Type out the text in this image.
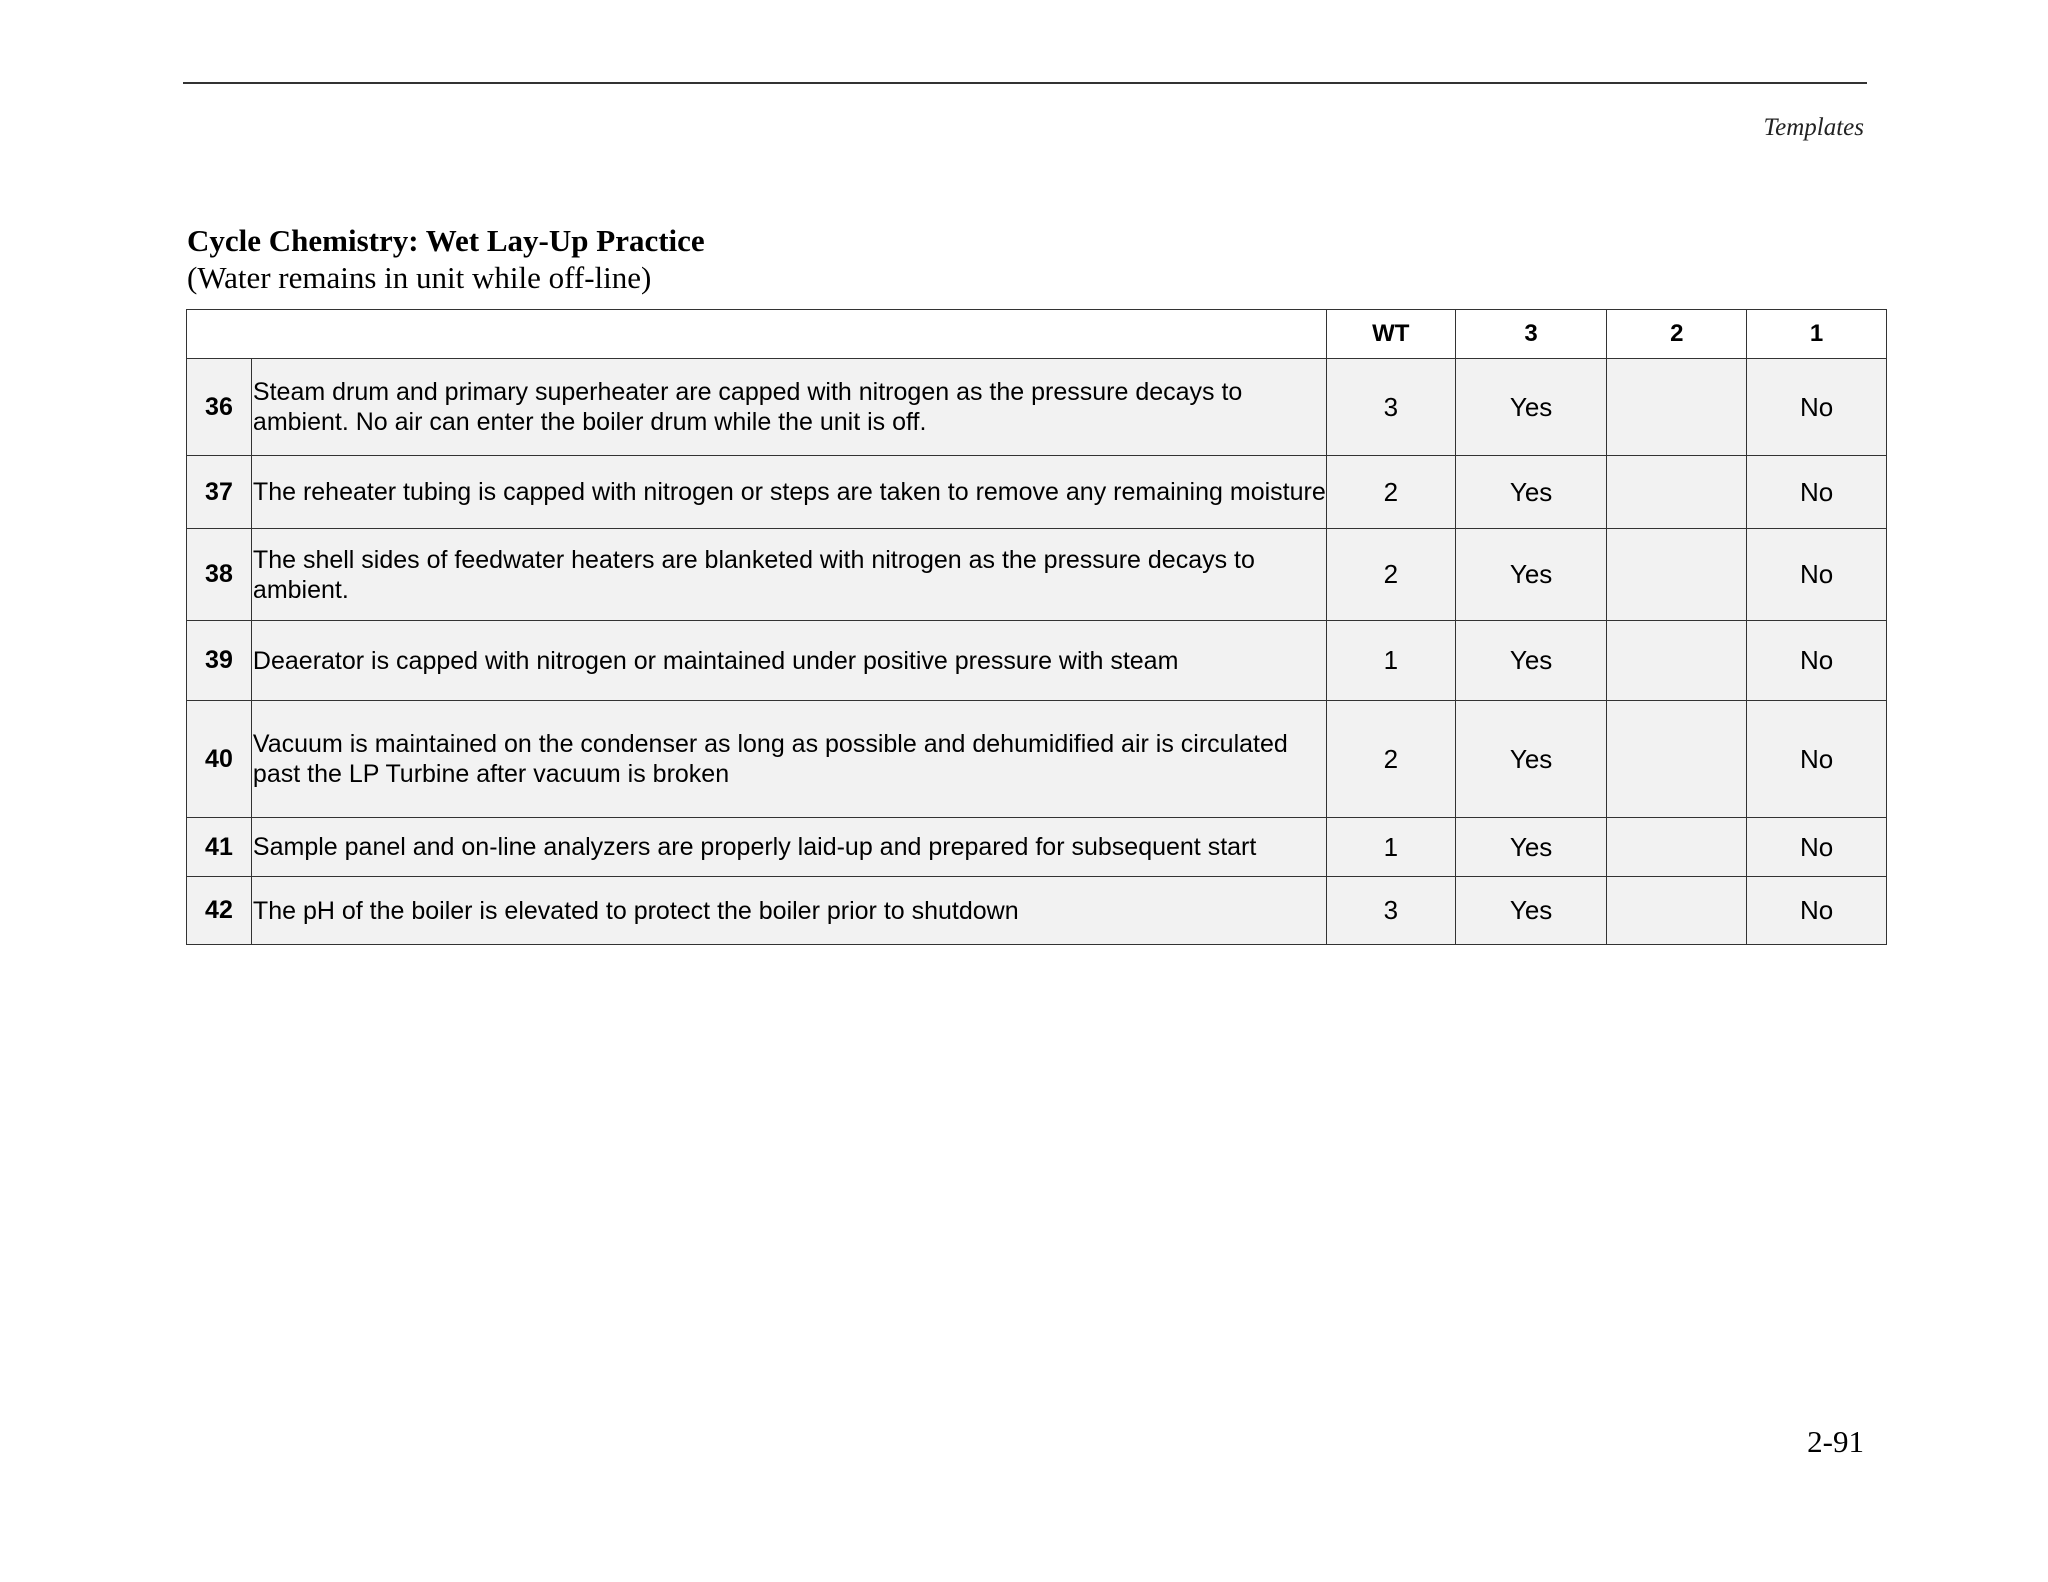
Templates
Cycle Chemistry: Wet Lay-Up Practice
(Water remains in unit while off-line)
		WT	3	2	1
36	Steam drum and primary superheater are capped with nitrogen as the pressure decays to ambient. No air can enter the boiler drum while the unit is off.	3	Yes		No
37	The reheater tubing is capped with nitrogen or steps are taken to remove any remaining moisture	2	Yes		No
38	The shell sides of feedwater heaters are blanketed with nitrogen as the pressure decays to ambient.	2	Yes		No
39	Deaerator is capped with nitrogen or maintained under positive pressure with steam	1	Yes		No
40	Vacuum is maintained on the condenser as long as possible and dehumidified air is circulated past the LP Turbine after vacuum is broken	2	Yes		No
41	Sample panel and on-line analyzers are properly laid-up and prepared for subsequent start	1	Yes		No
42	The pH of the boiler is elevated to protect the boiler prior to shutdown	3	Yes		No
2-91
